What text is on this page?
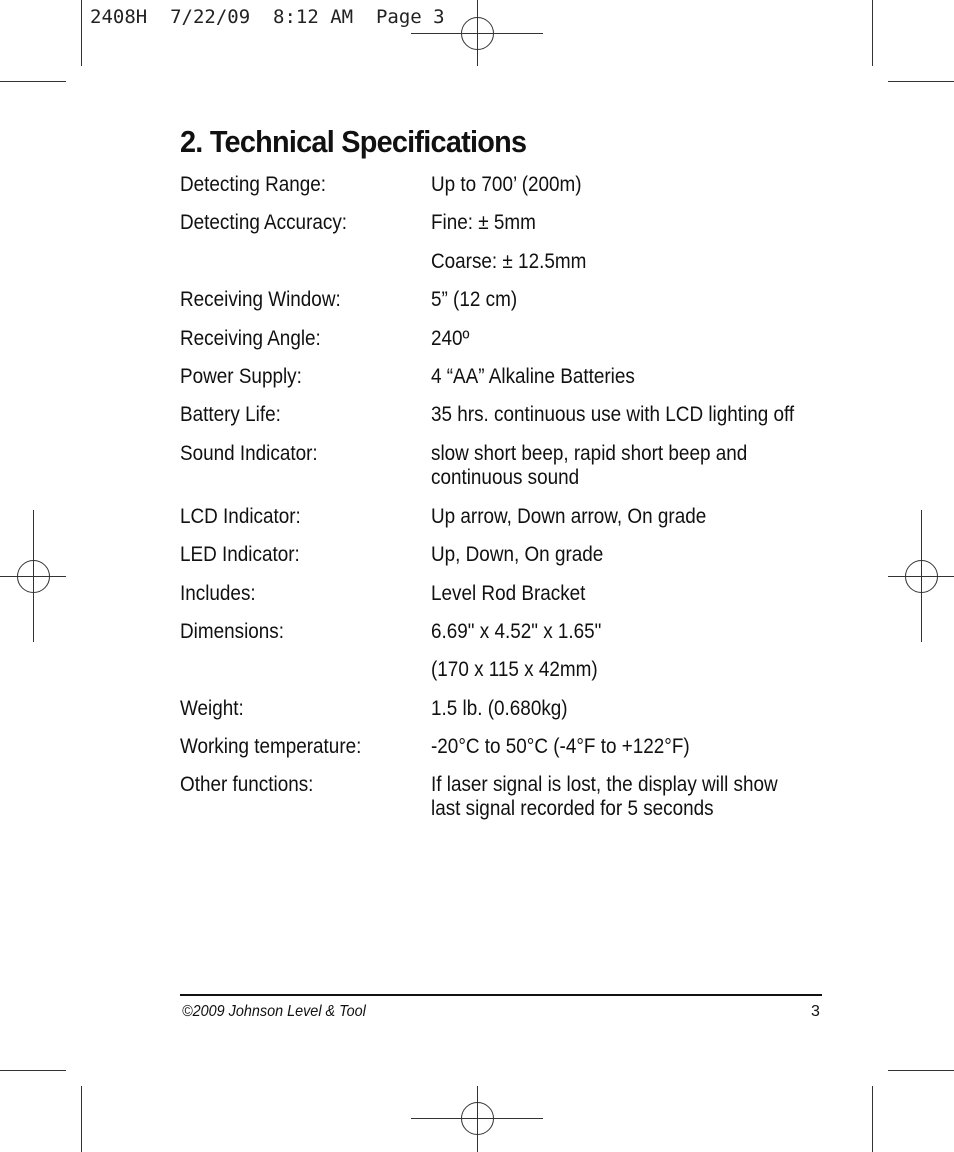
2408H  7/22/09  8:12 AM  Page 3
2. Technical Specifications
Detecting Range:	Up to 700’ (200m)
Detecting Accuracy:	Fine: ± 5mm
Coarse: ± 12.5mm
Receiving Window:	5” (12 cm)
Receiving Angle:	240º
Power Supply:	4 “AA” Alkaline Batteries
Battery Life:	35 hrs. continuous use with LCD lighting off
Sound Indicator:	slow short beep, rapid short beep and
continuous sound
LCD Indicator:	Up arrow, Down arrow, On grade
LED Indicator:	Up, Down, On grade
Includes:	Level Rod Bracket
Dimensions:	6.69" x 4.52" x 1.65"
(170 x 115 x 42mm)
Weight:	1.5 lb. (0.680kg)
Working temperature:	-20°C to 50°C (-4°F to +122°F)
Other functions:	If laser signal is lost, the display will show
last signal recorded for 5 seconds
©2009 Johnson Level & Tool	3
